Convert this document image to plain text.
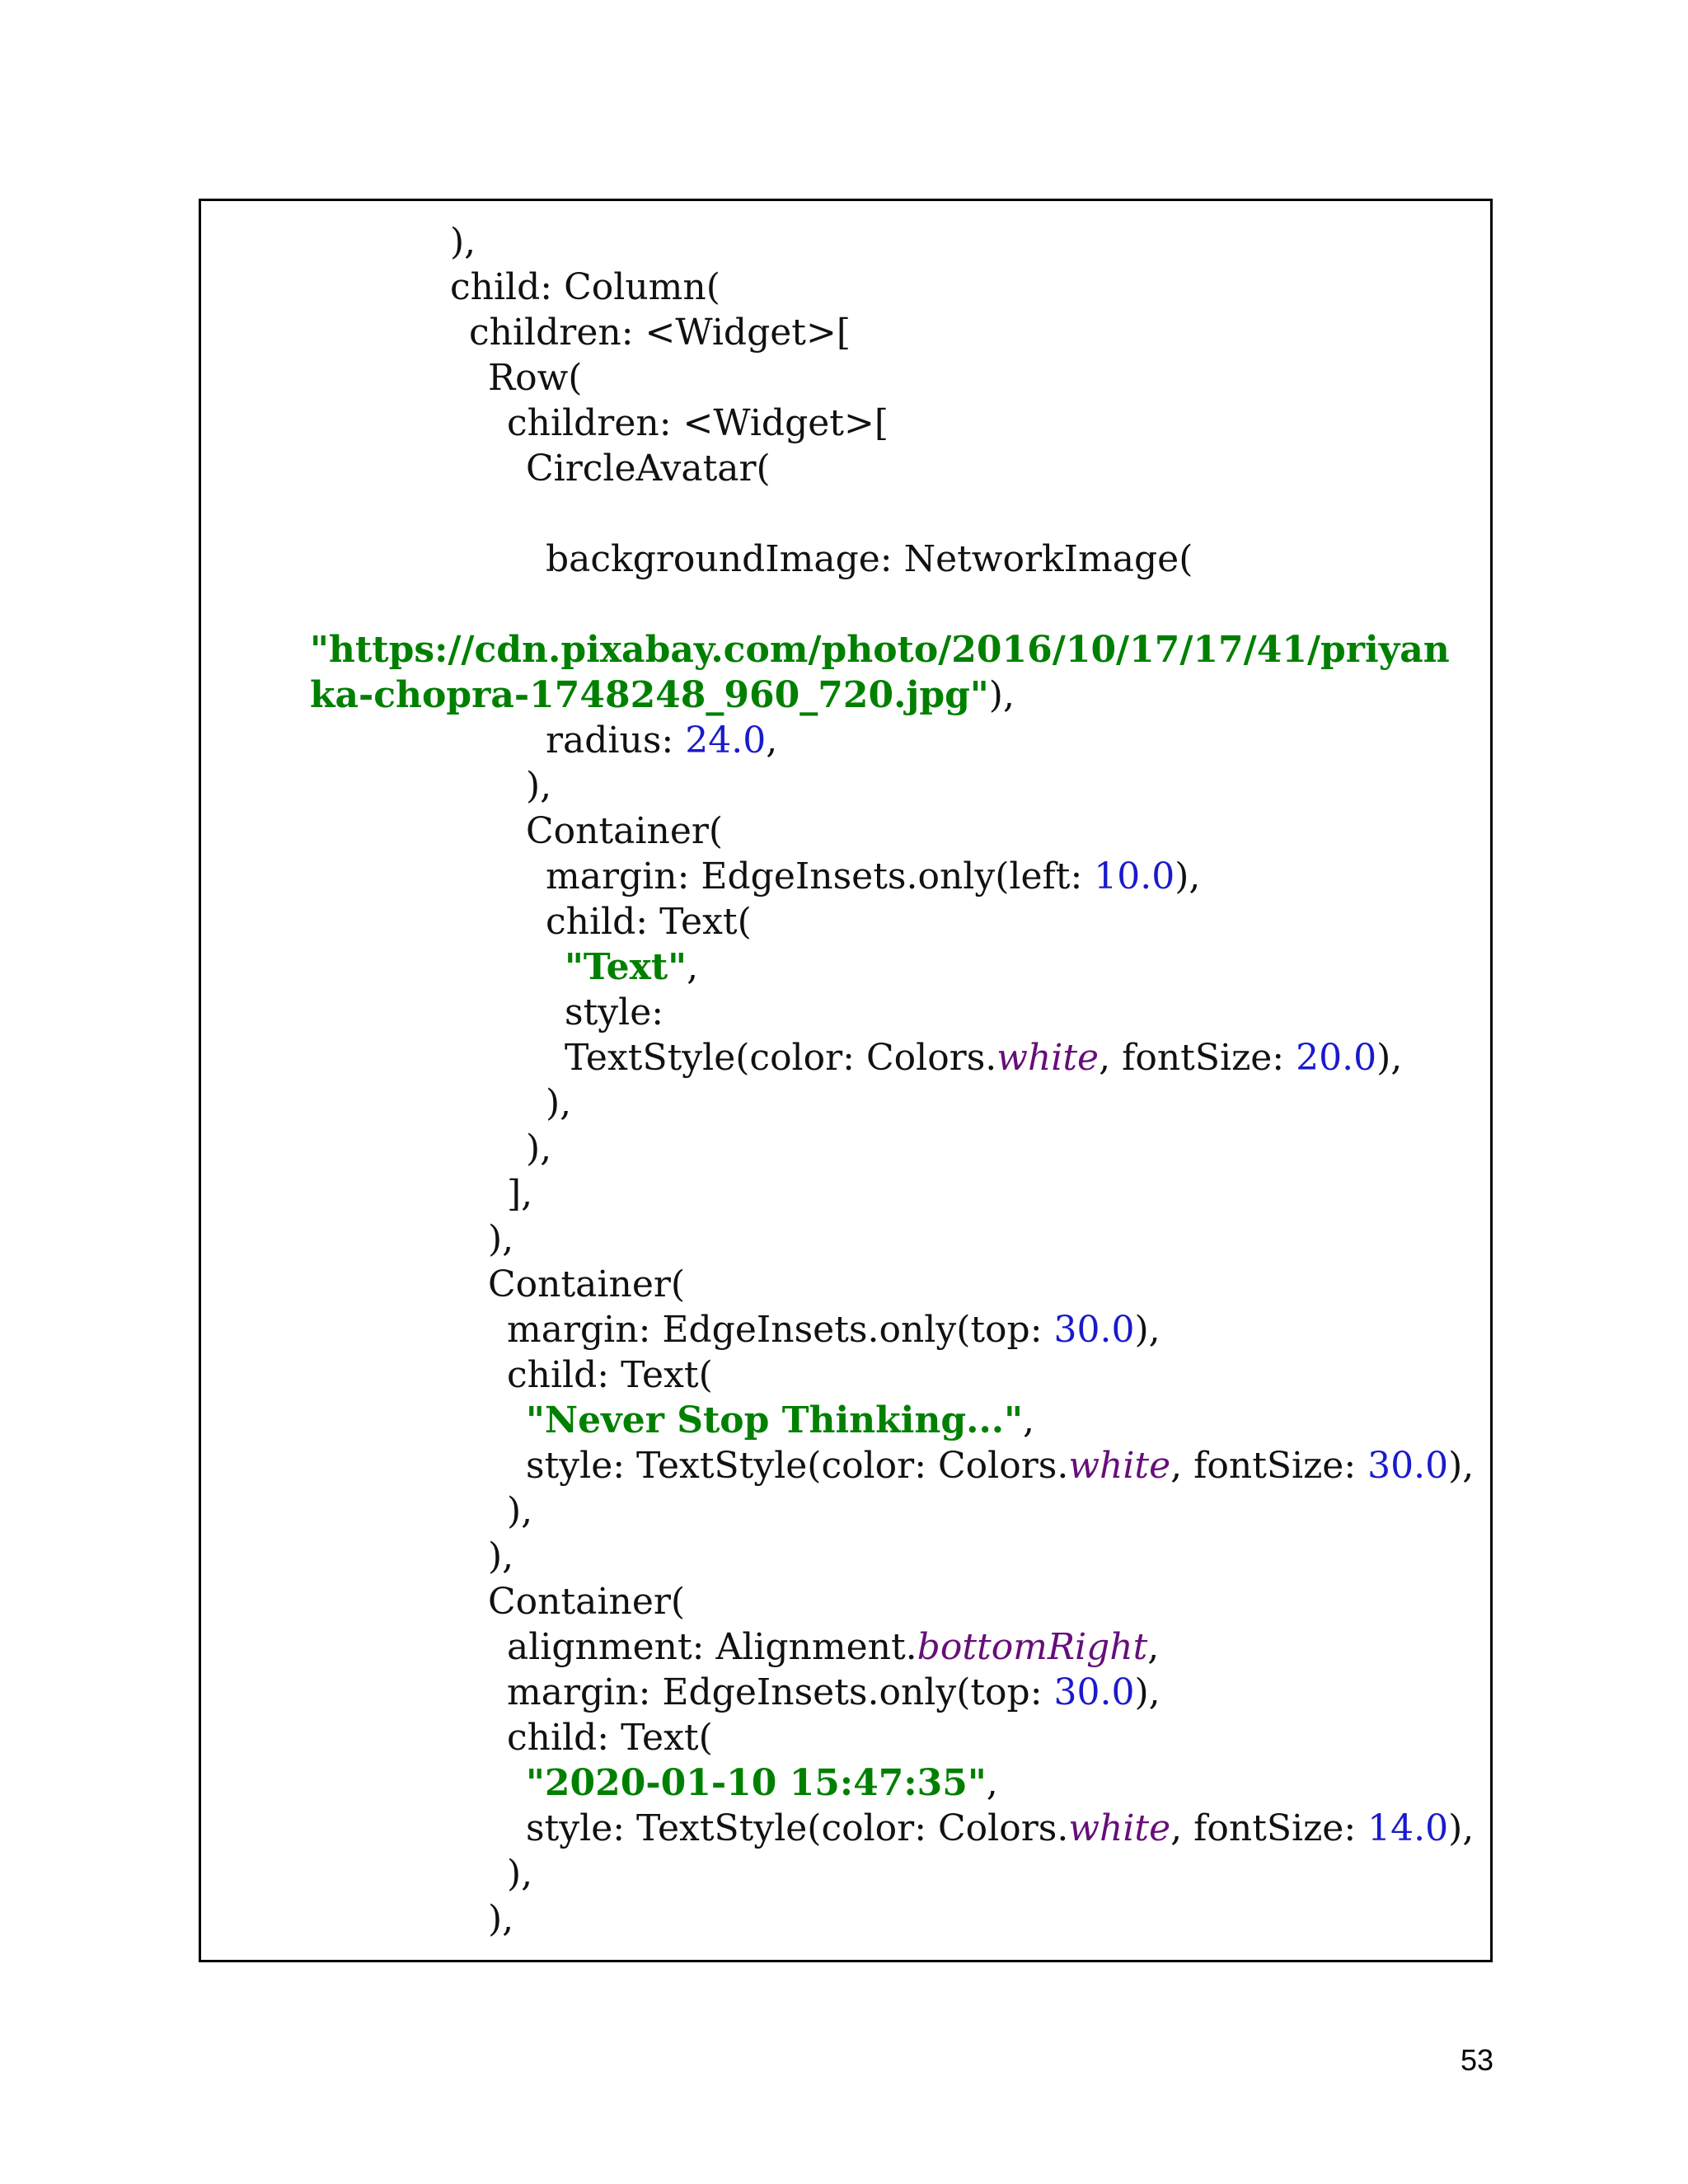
),
child: Column(
children: <Widget>[
Row(
children: <Widget>[
CircleAvatar(
backgroundImage: NetworkImage(
"https://cdn.pixabay.com/photo/2016/10/17/17/41/priyan
ka-chopra-1748248_960_720.jpg"),
radius: 24.0,
),
Container(
margin: EdgeInsets.only(left: 10.0),
child: Text(
"Text",
style:
TextStyle(color: Colors.white, fontSize: 20.0),
),
),
],
),
Container(
margin: EdgeInsets.only(top: 30.0),
child: Text(
"Never Stop Thinking...",
style: TextStyle(color: Colors.white, fontSize: 30.0),
),
),
Container(
alignment: Alignment.bottomRight,
margin: EdgeInsets.only(top: 30.0),
child: Text(
"2020-01-10 15:47:35",
style: TextStyle(color: Colors.white, fontSize: 14.0),
),
),
53
